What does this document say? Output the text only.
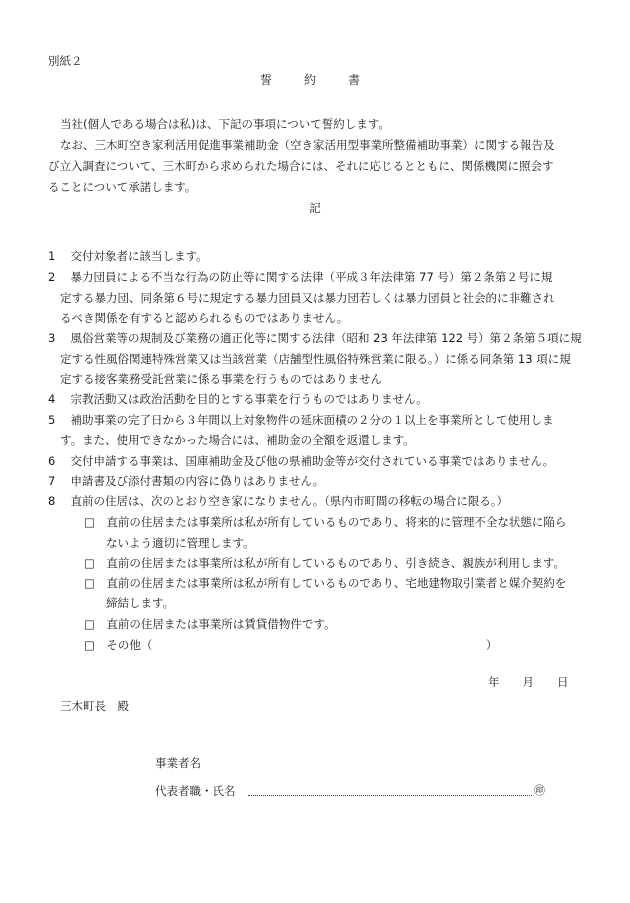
別紙２
誓　約　書
当社(個人である場合は私)は、下記の事項について誓約します。
なお、三木町空き家利活用促進事業補助金（空き家活用型事業所整備補助事業）に関する報告及
び立入調査について、三木町から求められた場合には、それに応じるとともに、関係機関に照会す
ることについて承諾します。
記
1　 交付対象者に該当します。
2　 暴力団員による不当な行為の防止等に関する法律（平成３年法律第 77 号）第２条第２号に規
定する暴力団、同条第６号に規定する暴力団員又は暴力団若しくは暴力団員と社会的に非難され
るべき関係を有すると認められるものではありません。
3　 風俗営業等の規制及び業務の適正化等に関する法律（昭和 23 年法律第 122 号）第２条第５項に規
定する性風俗関連特殊営業又は当該営業（店舗型性風俗特殊営業に限る。）に係る同条第 13 項に規
定する接客業務受託営業に係る事業を行うものではありません
4　 宗教活動又は政治活動を目的とする事業を行うものではありません。
5　 補助事業の完了日から３年間以上対象物件の延床面積の２分の１以上を事業所として使用しま
す。また、使用できなかった場合には、補助金の全額を返還します。
6　 交付申請する事業は、国庫補助金及び他の県補助金等が交付されている事業ではありません。
7　 申請書及び添付書類の内容に偽りはありません。
8　 直前の住居は、次のとおり空き家になりません。（県内市町間の移転の場合に限る。）
□　直前の住居または事業所は私が所有しているものであり、将来的に管理不全な状態に陥ら
ないよう適切に管理します。
□　直前の住居または事業所は私が所有しているものであり、引き続き、親族が利用します。
□　直前の住居または事業所は私が所有しているものであり、宅地建物取引業者と媒介契約を
締結します。
□　直前の住居または事業所は賃貸借物件です。
□　その他（　　　　　　　　　　　　　　　　　　　　　　　　　　　　　）
年　　月　　日
三木町長　殿
事業者名
代表者職・氏名	㊞
